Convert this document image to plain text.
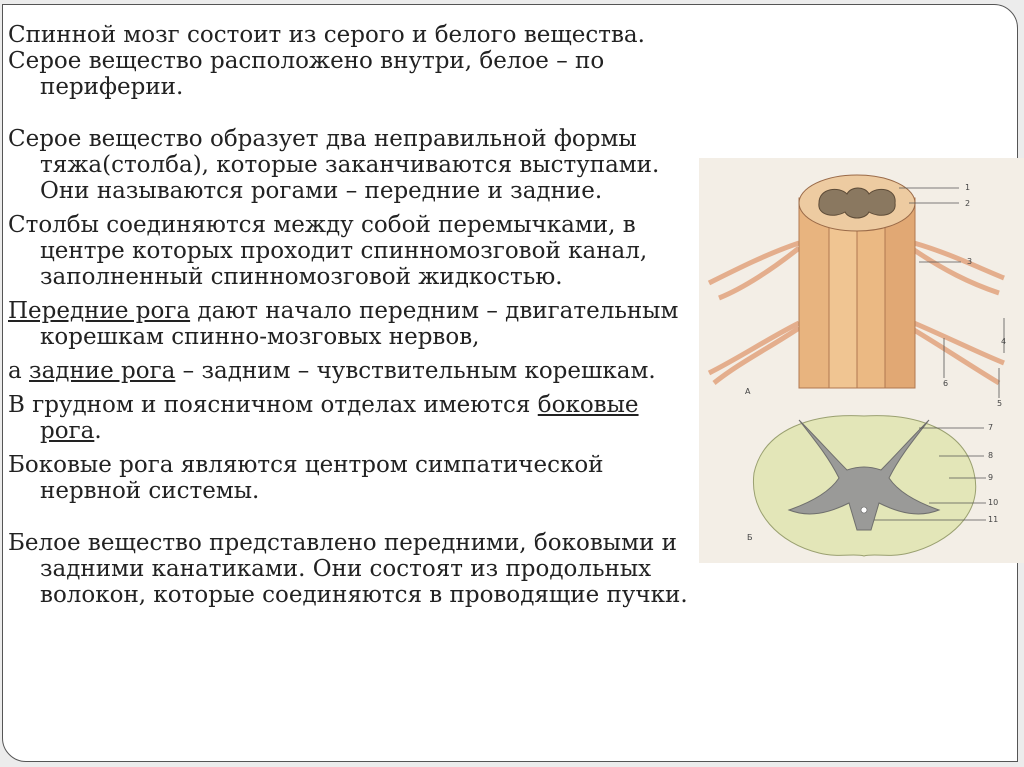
Спинной мозг состоит из серого и белого вещества.

Серое вещество расположено внутри, белое – по периферии.

Серое вещество образует два неправильной формы тяжа(столба), которые заканчиваются выступами. Они называются рогами – передние и задние.

Столбы соединяются между собой перемычками, в центре которых проходит спинномозговой канал, заполненный спинномозговой жидкостью.

Передние рога дают начало передним – двигательным корешкам спинно-мозговых нервов,

а задние рога – задним – чувствительным корешкам.

В грудном и поясничном отделах имеются боковые рога.

Боковые рога являются центром симпатической нервной системы.

Белое вещество представлено передними, боковыми и задними канатиками. Они состоят из продольных волокон, которые соединяются в проводящие пучки.

1
2
3
4
6
5
А
7
8
9
10
11
Б
